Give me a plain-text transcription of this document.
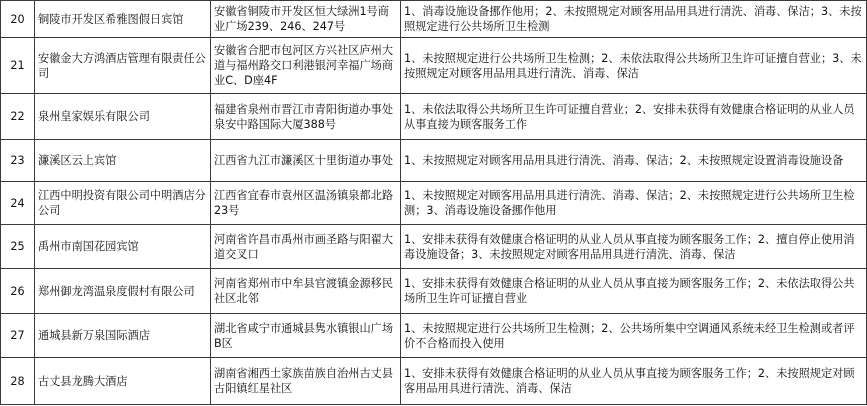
20	铜陵市开发区希雅图假日宾馆	安徽省铜陵市开发区恒大绿洲1号商业广场239、246、247号	1、消毒设施设备挪作他用；2、未按照规定对顾客用品用具进行清洗、消毒、保洁；3、未按照规定进行公共场所卫生检测
21	安徽金大方鸿酒店管理有限责任公司	安徽省合肥市包河区方兴社区庐州大道与福州路交口利港银河幸福广场商业C、D座4F	1、未按照规定进行公共场所卫生检测；2、未依法取得公共场所卫生许可证擅自营业；3、未按照规定对顾客用品用具进行清洗、消毒、保洁
22	泉州皇家娱乐有限公司	福建省泉州市晋江市青阳街道办事处泉安中路国际大厦388号	1、未依法取得公共场所卫生许可证擅自营业；2、安排未获得有效健康合格证明的从业人员从事直接为顾客服务工作
23	濂溪区云上宾馆	江西省九江市濂溪区十里街道办事处	1、未按照规定对顾客用品用具进行清洗、消毒、保洁；2、未按照规定设置消毒设施设备
24	江西中明投资有限公司中明酒店分公司	江西省宜春市袁州区温汤镇泉都北路23号	1、未按照规定对顾客用品用具进行清洗、消毒、保洁；2、未按照规定进行公共场所卫生检测；3、消毒设施设备挪作他用
25	禹州市南国花园宾馆	河南省许昌市禹州市画圣路与阳翟大道交叉口	1、安排未获得有效健康合格证明的从业人员从事直接为顾客服务工作；2、擅自停止使用消毒设施设备；3、未按照规定对顾客用品用具进行清洗、消毒、保洁
26	郑州御龙湾温泉度假村有限公司	河南省郑州市中牟县官渡镇金源移民社区北邻	1、安排未获得有效健康合格证明的从业人员从事直接为顾客服务工作；2、未依法取得公共场所卫生许可证擅自营业
27	通城县新万泉国际酒店	湖北省咸宁市通城县隽水镇银山广场B区	1、未按照规定进行公共场所卫生检测；2、公共场所集中空调通风系统未经卫生检测或者评价不合格而投入使用
28	古丈县龙腾大酒店	湖南省湘西土家族苗族自治州古丈县古阳镇红星社区	1、安排未获得有效健康合格证明的从业人员从事直接为顾客服务工作；2、未按照规定对顾客用品用具进行清洗、消毒、保洁
